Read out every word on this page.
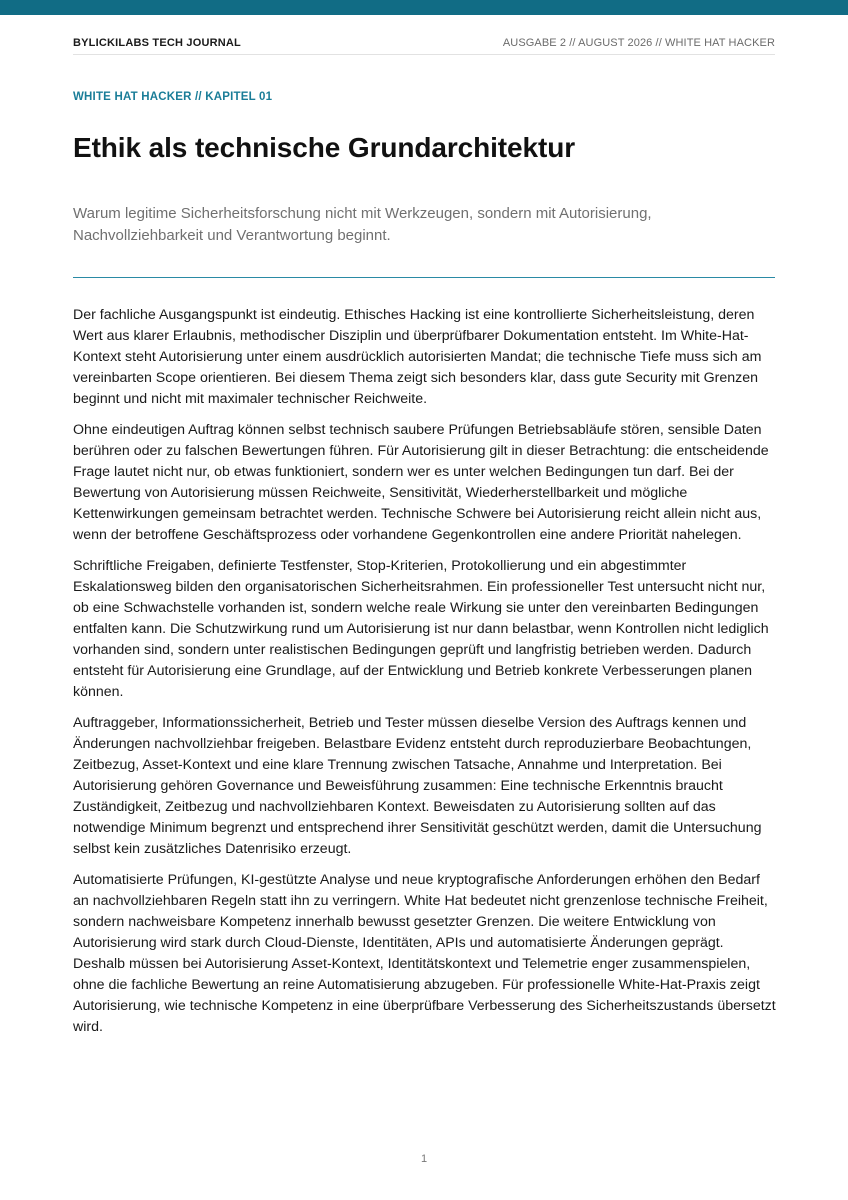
BYLICKILABS TECH JOURNAL	AUSGABE 2 // AUGUST 2026 // WHITE HAT HACKER
WHITE HAT HACKER // KAPITEL 01
Ethik als technische Grundarchitektur

Warum legitime Sicherheitsforschung nicht mit Werkzeugen, sondern mit Autorisierung, Nachvollziehbarkeit und Verantwortung beginnt.

Der fachliche Ausgangspunkt ist eindeutig. Ethisches Hacking ist eine kontrollierte Sicherheitsleistung, deren Wert aus klarer Erlaubnis, methodischer Disziplin und überprüfbarer Dokumentation entsteht. Im White-Hat-Kontext steht Autorisierung unter einem ausdrücklich autorisierten Mandat; die technische Tiefe muss sich am vereinbarten Scope orientieren. Bei diesem Thema zeigt sich besonders klar, dass gute Security mit Grenzen beginnt und nicht mit maximaler technischer Reichweite.

Ohne eindeutigen Auftrag können selbst technisch saubere Prüfungen Betriebsabläufe stören, sensible Daten berühren oder zu falschen Bewertungen führen. Für Autorisierung gilt in dieser Betrachtung: die entscheidende Frage lautet nicht nur, ob etwas funktioniert, sondern wer es unter welchen Bedingungen tun darf. Bei der Bewertung von Autorisierung müssen Reichweite, Sensitivität, Wiederherstellbarkeit und mögliche Kettenwirkungen gemeinsam betrachtet werden. Technische Schwere bei Autorisierung reicht allein nicht aus, wenn der betroffene Geschäftsprozess oder vorhandene Gegenkontrollen eine andere Priorität nahelegen.

Schriftliche Freigaben, definierte Testfenster, Stop-Kriterien, Protokollierung und ein abgestimmter Eskalationsweg bilden den organisatorischen Sicherheitsrahmen. Ein professioneller Test untersucht nicht nur, ob eine Schwachstelle vorhanden ist, sondern welche reale Wirkung sie unter den vereinbarten Bedingungen entfalten kann. Die Schutzwirkung rund um Autorisierung ist nur dann belastbar, wenn Kontrollen nicht lediglich vorhanden sind, sondern unter realistischen Bedingungen geprüft und langfristig betrieben werden. Dadurch entsteht für Autorisierung eine Grundlage, auf der Entwicklung und Betrieb konkrete Verbesserungen planen können.

Auftraggeber, Informationssicherheit, Betrieb und Tester müssen dieselbe Version des Auftrags kennen und Änderungen nachvollziehbar freigeben. Belastbare Evidenz entsteht durch reproduzierbare Beobachtungen, Zeitbezug, Asset-Kontext und eine klare Trennung zwischen Tatsache, Annahme und Interpretation. Bei Autorisierung gehören Governance und Beweisführung zusammen: Eine technische Erkenntnis braucht Zuständigkeit, Zeitbezug und nachvollziehbaren Kontext. Beweisdaten zu Autorisierung sollten auf das notwendige Minimum begrenzt und entsprechend ihrer Sensitivität geschützt werden, damit die Untersuchung selbst kein zusätzliches Datenrisiko erzeugt.

Automatisierte Prüfungen, KI-gestützte Analyse und neue kryptografische Anforderungen erhöhen den Bedarf an nachvollziehbaren Regeln statt ihn zu verringern. White Hat bedeutet nicht grenzenlose technische Freiheit, sondern nachweisbare Kompetenz innerhalb bewusst gesetzter Grenzen. Die weitere Entwicklung von Autorisierung wird stark durch Cloud-Dienste, Identitäten, APIs und automatisierte Änderungen geprägt. Deshalb müssen bei Autorisierung Asset-Kontext, Identitätskontext und Telemetrie enger zusammenspielen, ohne die fachliche Bewertung an reine Automatisierung abzugeben. Für professionelle White-Hat-Praxis zeigt Autorisierung, wie technische Kompetenz in eine überprüfbare Verbesserung des Sicherheitszustands übersetzt wird.

1
